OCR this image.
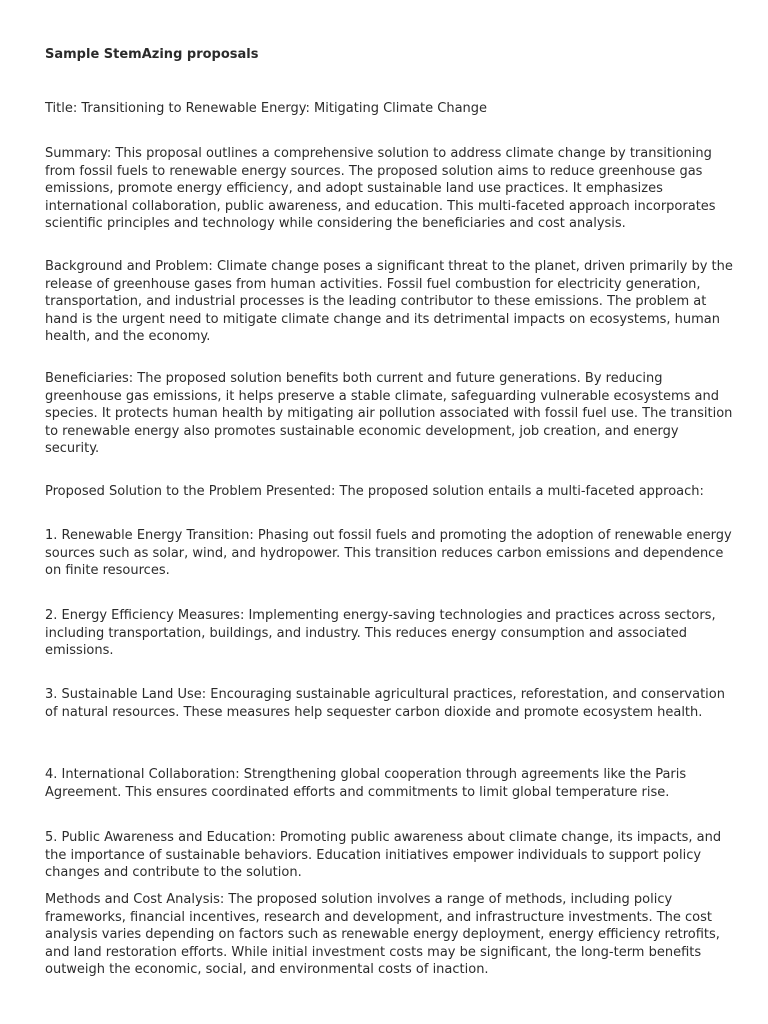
Sample StemAzing proposals

Title: Transitioning to Renewable Energy: Mitigating Climate Change

Summary: This proposal outlines a comprehensive solution to address climate change by transitioning from fossil fuels to renewable energy sources. The proposed solution aims to reduce greenhouse gas emissions, promote energy efficiency, and adopt sustainable land use practices. It emphasizes international collaboration, public awareness, and education. This multi-faceted approach incorporates scientific principles and technology while considering the beneficiaries and cost analysis.

Background and Problem: Climate change poses a significant threat to the planet, driven primarily by the release of greenhouse gases from human activities. Fossil fuel combustion for electricity generation, transportation, and industrial processes is the leading contributor to these emissions. The problem at hand is the urgent need to mitigate climate change and its detrimental impacts on ecosystems, human health, and the economy.

Beneficiaries: The proposed solution benefits both current and future generations. By reducing greenhouse gas emissions, it helps preserve a stable climate, safeguarding vulnerable ecosystems and species. It protects human health by mitigating air pollution associated with fossil fuel use. The transition to renewable energy also promotes sustainable economic development, job creation, and energy security.

Proposed Solution to the Problem Presented: The proposed solution entails a multi-faceted approach:

1. Renewable Energy Transition: Phasing out fossil fuels and promoting the adoption of renewable energy sources such as solar, wind, and hydropower. This transition reduces carbon emissions and dependence on finite resources.

2. Energy Efficiency Measures: Implementing energy-saving technologies and practices across sectors, including transportation, buildings, and industry. This reduces energy consumption and associated emissions.

3. Sustainable Land Use: Encouraging sustainable agricultural practices, reforestation, and conservation of natural resources. These measures help sequester carbon dioxide and promote ecosystem health.

4. International Collaboration: Strengthening global cooperation through agreements like the Paris Agreement. This ensures coordinated efforts and commitments to limit global temperature rise.

5. Public Awareness and Education: Promoting public awareness about climate change, its impacts, and the importance of sustainable behaviors. Education initiatives empower individuals to support policy changes and contribute to the solution.

Methods and Cost Analysis: The proposed solution involves a range of methods, including policy frameworks, financial incentives, research and development, and infrastructure investments. The cost analysis varies depending on factors such as renewable energy deployment, energy efficiency retrofits, and land restoration efforts. While initial investment costs may be significant, the long-term benefits outweigh the economic, social, and environmental costs of inaction.
